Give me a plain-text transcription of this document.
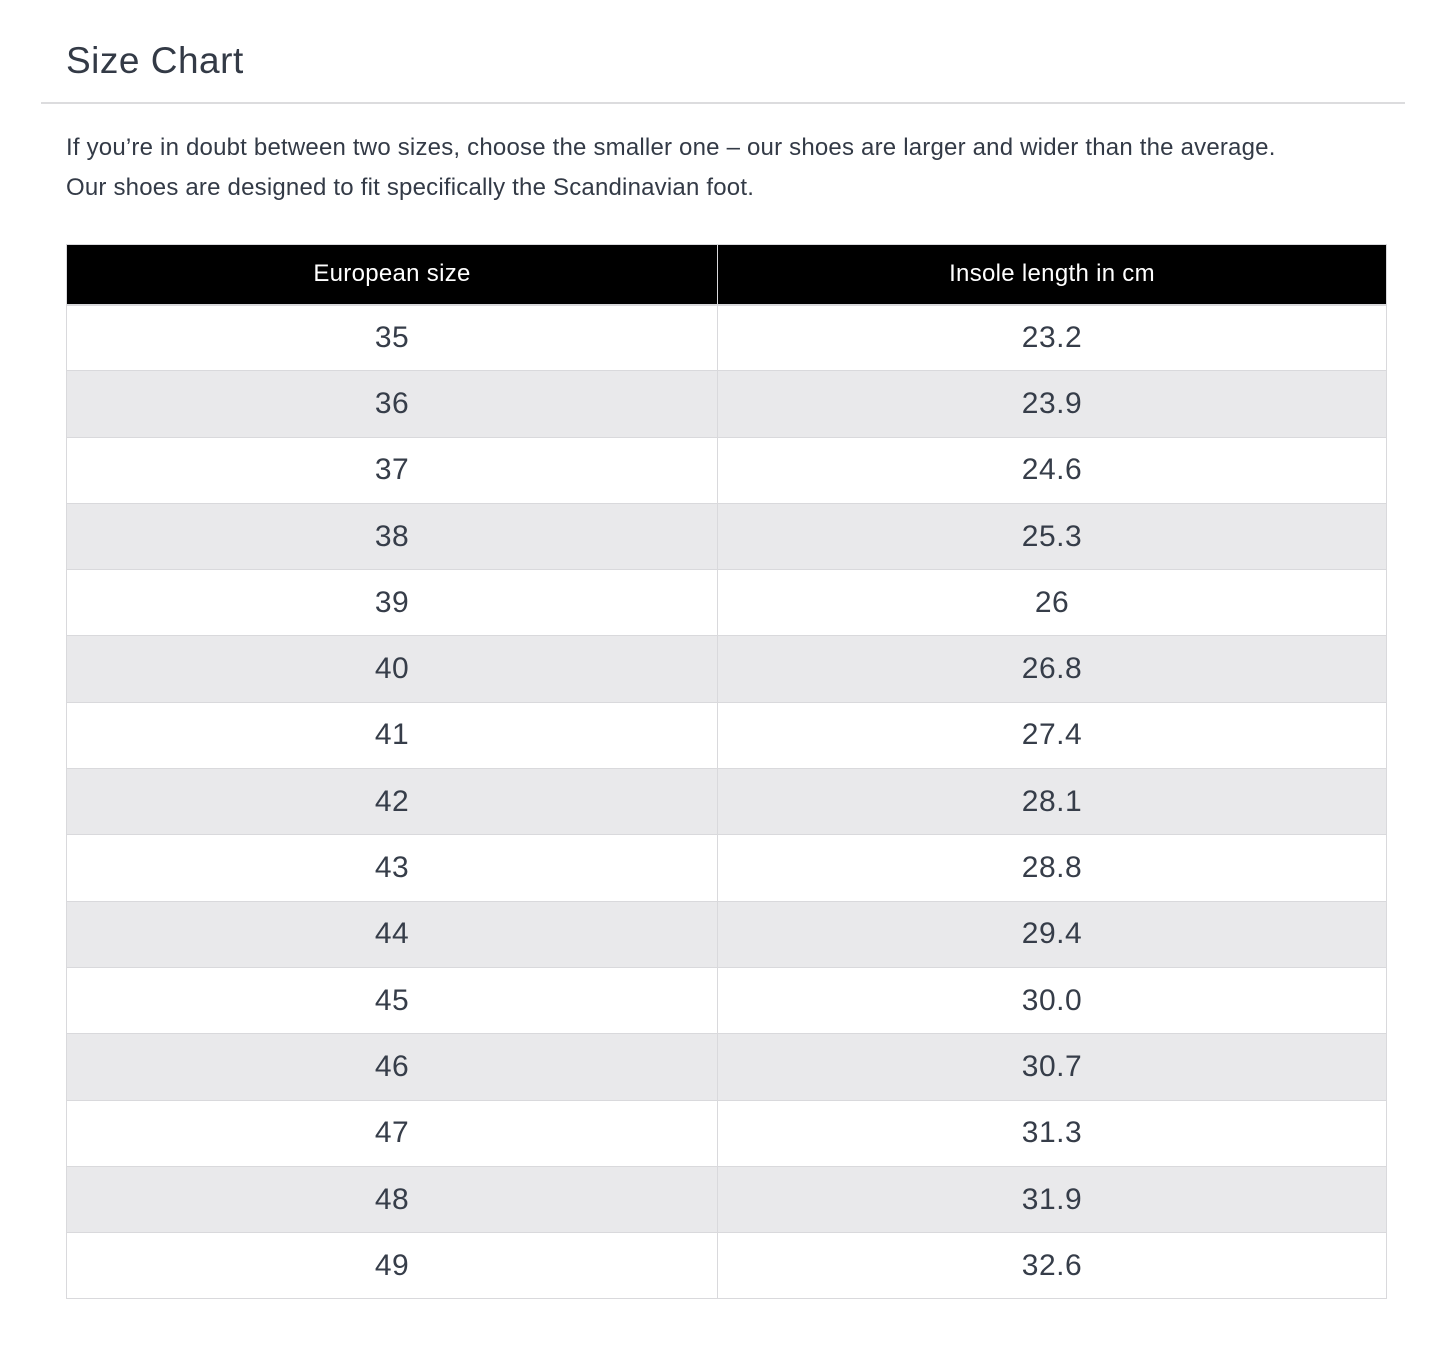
Size Chart

If you’re in doubt between two sizes, choose the smaller one – our shoes are larger and wider than the average.
Our shoes are designed to fit specifically the Scandinavian foot.

European size	Insole length in cm
35	23.2
36	23.9
37	24.6
38	25.3
39	26
40	26.8
41	27.4
42	28.1
43	28.8
44	29.4
45	30.0
46	30.7
47	31.3
48	31.9
49	32.6
